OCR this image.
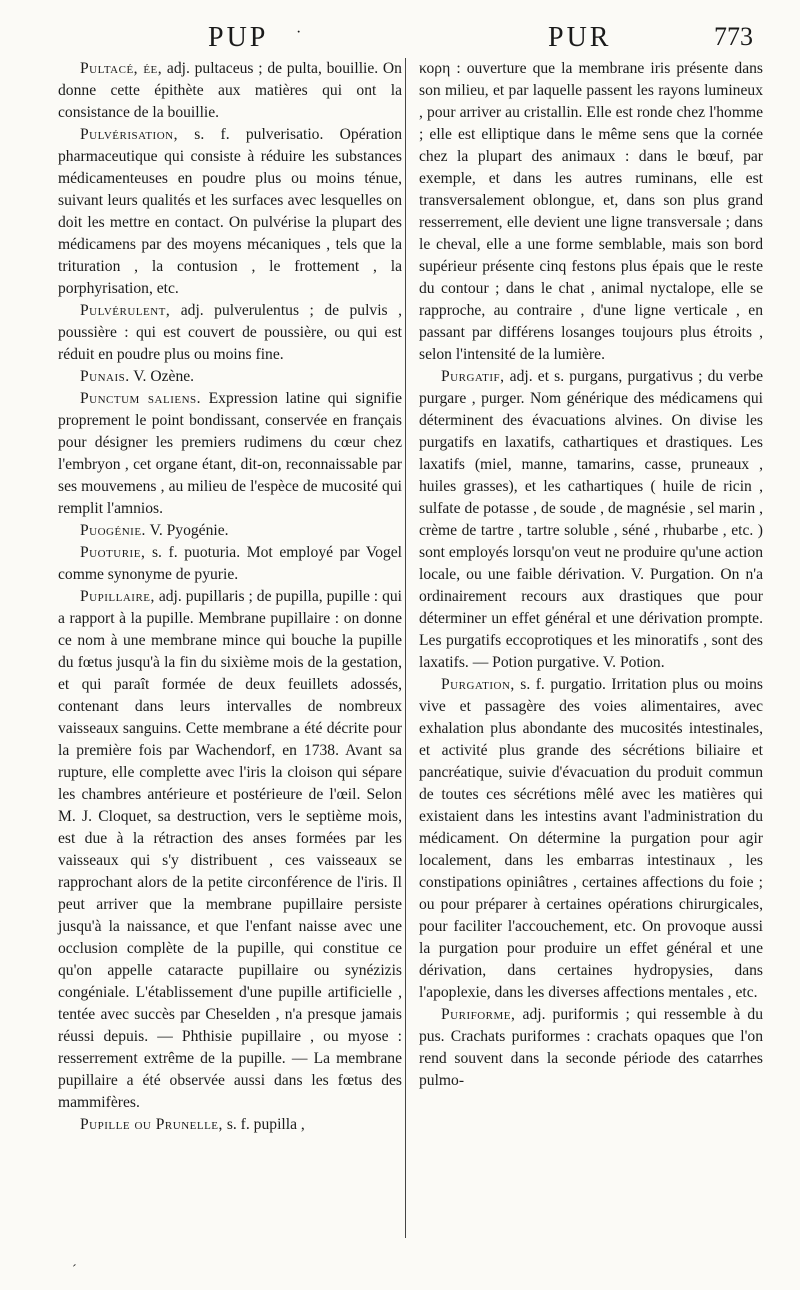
PUP ·	PUR	773

Pultacé, ée, adj. pultaceus ; de pulta, bouillie. On donne cette épithète aux matières qui ont la consistance de la bouillie.

Pulvérisation, s. f. pulverisatio. Opération pharmaceutique qui consiste à réduire les substances médicamenteuses en poudre plus ou moins ténue, suivant leurs qualités et les surfaces avec lesquelles on doit les mettre en contact. On pulvérise la plupart des médicamens par des moyens mécaniques , tels que la trituration , la contusion , le frottement , la porphyrisation, etc.

Pulvérulent, adj. pulverulentus ; de pulvis , poussière : qui est couvert de poussière, ou qui est réduit en poudre plus ou moins fine.

Punais. V. Ozène.

Punctum saliens. Expression latine qui signifie proprement le point bondissant, conservée en français pour désigner les premiers rudimens du cœur chez l'embryon , cet organe étant, dit-on, reconnaissable par ses mouvemens , au milieu de l'espèce de mucosité qui remplit l'amnios.

Puogénie. V. Pyogénie.

Puoturie, s. f. puoturia. Mot employé par Vogel comme synonyme de pyurie.

Pupillaire, adj. pupillaris ; de pupilla, pupille : qui a rapport à la pupille. Membrane pupillaire : on donne ce nom à une membrane mince qui bouche la pupille du fœtus jusqu'à la fin du sixième mois de la gestation, et qui paraît formée de deux feuillets adossés, contenant dans leurs intervalles de nombreux vaisseaux sanguins. Cette membrane a été décrite pour la première fois par Wachendorf, en 1738. Avant sa rupture, elle complette avec l'iris la cloison qui sépare les chambres antérieure et postérieure de l'œil. Selon M. J. Cloquet, sa destruction, vers le septième mois, est due à la rétraction des anses formées par les vaisseaux qui s'y distribuent , ces vaisseaux se rapprochant alors de la petite circonférence de l'iris. Il peut arriver que la membrane pupillaire persiste jusqu'à la naissance, et que l'enfant naisse avec une occlusion complète de la pupille, qui constitue ce qu'on appelle cataracte pupillaire ou synézizis congéniale. L'établissement d'une pupille artificielle , tentée avec succès par Cheselden , n'a presque jamais réussi depuis. — Phthisie pupillaire , ou myose : resserrement extrême de la pupille. — La membrane pupillaire a été observée aussi dans les fœtus des mammifères.

Pupille ou Prunelle, s. f. pupilla ,

κορη : ouverture que la membrane iris présente dans son milieu, et par laquelle passent les rayons lumineux , pour arriver au cristallin. Elle est ronde chez l'homme ; elle est elliptique dans le même sens que la cornée chez la plupart des animaux : dans le bœuf, par exemple, et dans les autres ruminans, elle est transversalement oblongue, et, dans son plus grand resserrement, elle devient une ligne transversale ; dans le cheval, elle a une forme semblable, mais son bord supérieur présente cinq festons plus épais que le reste du contour ; dans le chat , animal nyctalope, elle se rapproche, au contraire , d'une ligne verticale , en passant par différens losanges toujours plus étroits , selon l'intensité de la lumière.

Purgatif, adj. et s. purgans, purgativus ; du verbe purgare , purger. Nom générique des médicamens qui déterminent des évacuations alvines. On divise les purgatifs en laxatifs, cathartiques et drastiques. Les laxatifs (miel, manne, tamarins, casse, pruneaux , huiles grasses), et les cathartiques ( huile de ricin , sulfate de potasse , de soude , de magnésie , sel marin , crème de tartre , tartre soluble , séné , rhubarbe , etc. ) sont employés lorsqu'on veut ne produire qu'une action locale, ou une faible dérivation. V. Purgation. On n'a ordinairement recours aux drastiques que pour déterminer un effet général et une dérivation prompte. Les purgatifs eccoprotiques et les minoratifs , sont des laxatifs. — Potion purgative. V. Potion.

Purgation, s. f. purgatio. Irritation plus ou moins vive et passagère des voies alimentaires, avec exhalation plus abondante des mucosités intestinales, et activité plus grande des sécrétions biliaire et pancréatique, suivie d'évacuation du produit commun de toutes ces sécrétions mêlé avec les matières qui existaient dans les intestins avant l'administration du médicament. On détermine la purgation pour agir localement, dans les embarras intestinaux , les constipations opiniâtres , certaines affections du foie ; ou pour préparer à certaines opérations chirurgicales, pour faciliter l'accouchement, etc. On provoque aussi la purgation pour produire un effet général et une dérivation, dans certaines hydropysies, dans l'apoplexie, dans les diverses affections mentales , etc.

Puriforme, adj. puriformis ; qui ressemble à du pus. Crachats puriformes : crachats opaques que l'on rend souvent dans la seconde période des catarrhes pulmo-

´
